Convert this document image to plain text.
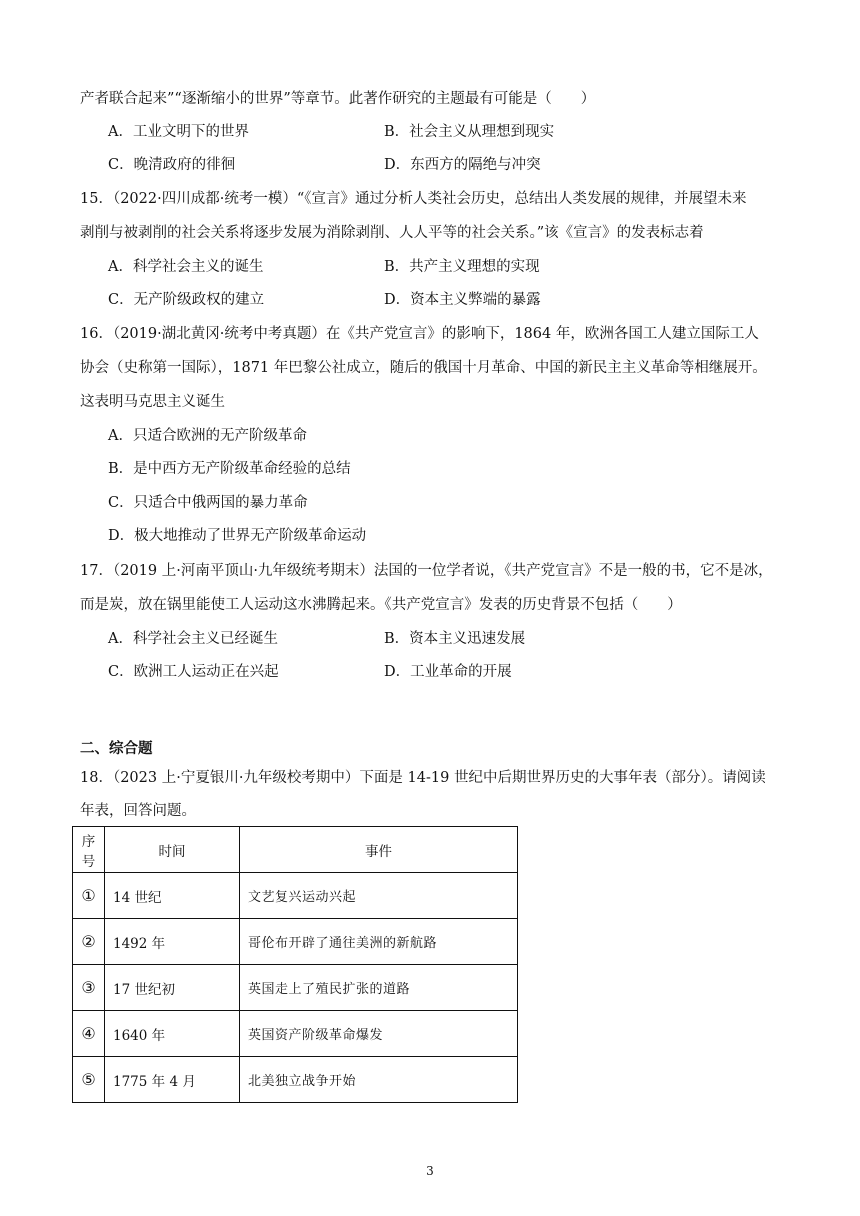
产者联合起来”“逐渐缩小的世界”等章节。此著作研究的主题最有可能是（　　）
A．工业文明下的世界	B．社会主义从理想到现实
C．晚清政府的徘徊	D．东西方的隔绝与冲突
15．（2022·四川成都·统考一模）“《宣言》通过分析人类社会历史，总结出人类发展的规律，并展望未来
剥削与被剥削的社会关系将逐步发展为消除剥削、人人平等的社会关系。”该《宣言》的发表标志着
A．科学社会主义的诞生	B．共产主义理想的实现
C．无产阶级政权的建立	D．资本主义弊端的暴露
16．（2019·湖北黄冈·统考中考真题）在《共产党宣言》的影响下，1864 年，欧洲各国工人建立国际工人
协会（史称第一国际），1871 年巴黎公社成立，随后的俄国十月革命、中国的新民主主义革命等相继展开。
这表明马克思主义诞生
A．只适合欧洲的无产阶级革命
B．是中西方无产阶级革命经验的总结
C．只适合中俄两国的暴力革命
D．极大地推动了世界无产阶级革命运动
17．（2019 上·河南平顶山·九年级统考期末）法国的一位学者说，《共产党宣言》不是一般的书，它不是冰，
而是炭，放在锅里能使工人运动这水沸腾起来。《共产党宣言》发表的历史背景不包括（　　）
A．科学社会主义已经诞生	B．资本主义迅速发展
C．欧洲工人运动正在兴起	D．工业革命的开展
二、综合题
18．（2023 上·宁夏银川·九年级校考期中）下面是 14-19 世纪中后期世界历史的大事年表（部分）。请阅读
年表，回答问题。
序号	时间	事件
①	14 世纪	文艺复兴运动兴起
②	1492 年	哥伦布开辟了通往美洲的新航路
③	17 世纪初	英国走上了殖民扩张的道路
④	1640 年	英国资产阶级革命爆发
⑤	1775 年 4 月	北美独立战争开始
3
